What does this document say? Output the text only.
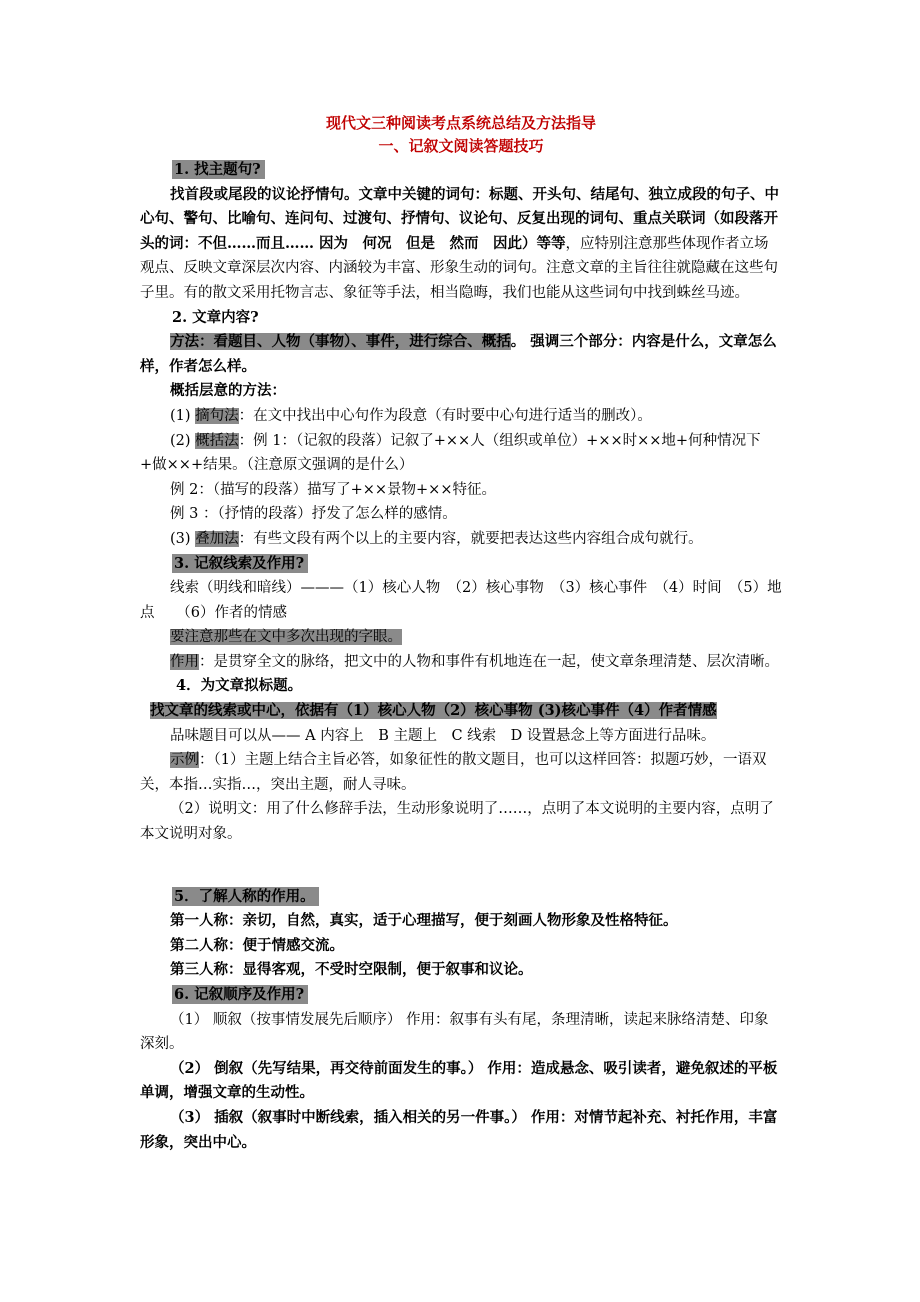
现代文三种阅读考点系统总结及方法指导
一、记叙文阅读答题技巧

1. 找主题句?

找首段或尾段的议论抒情句。文章中关键的词句：标题、开头句、结尾句、独立成段的句子、中心句、警句、比喻句、连问句、过渡句、抒情句、议论句、反复出现的词句、重点关联词（如段落开头的词：不但……而且…… 因为　何况　但是　然而　因此）等等，应特别注意那些体现作者立场观点、反映文章深层次内容、内涵较为丰富、形象生动的词句。注意文章的主旨往往就隐藏在这些句子里。有的散文采用托物言志、象征等手法，相当隐晦，我们也能从这些词句中找到蛛丝马迹。

2. 文章内容?

方法：看题目、人物（事物）、事件，进行综合、概括。 强调三个部分：内容是什么，文章怎么样，作者怎么样。

概括层意的方法：

(1) 摘句法：在文中找出中心句作为段意（有时要中心句进行适当的删改）。

(2) 概括法：例 1：（记叙的段落）记叙了+××人（组织或单位）+××时××地+何种情况下+做××+结果。（注意原文强调的是什么）

例 2：（描写的段落）描写了+××景物+××特征。

例 3 ：（抒情的段落）抒发了怎么样的感情。

(3) 叠加法：有些文段有两个以上的主要内容，就要把表达这些内容组合成句就行。

3. 记叙线索及作用?

线索（明线和暗线）———（1）核心人物　（2）核心事物　（3）核心事件　（4）时间　（5）地点　　（6）作者的情感

要注意那些在文中多次出现的字眼。

作用：是贯穿全文的脉络，把文中的人物和事件有机地连在一起，使文章条理清楚、层次清晰。

4．为文章拟标题。

找文章的线索或中心，依据有（1）核心人物（2）核心事物 (3)核心事件（4）作者情感

品味题目可以从—— A 内容上　B 主题上　C 线索　D 设置悬念上等方面进行品味。

示例：（1）主题上结合主旨必答，如象征性的散文题目，也可以这样回答：拟题巧妙，一语双关，本指…实指…，突出主题，耐人寻味。

（2）说明文：用了什么修辞手法，生动形象说明了……，点明了本文说明的主要内容，点明了本文说明对象。

5．了解人称的作用。

第一人称：亲切，自然，真实，适于心理描写，便于刻画人物形象及性格特征。

第二人称：便于情感交流。

第三人称：显得客观，不受时空限制，便于叙事和议论。

6. 记叙顺序及作用?

（1） 顺叙（按事情发展先后顺序） 作用：叙事有头有尾，条理清晰，读起来脉络清楚、印象深刻。

（2） 倒叙（先写结果，再交待前面发生的事。） 作用：造成悬念、吸引读者，避免叙述的平板单调，增强文章的生动性。

（3） 插叙（叙事时中断线索，插入相关的另一件事。） 作用：对情节起补充、衬托作用，丰富形象，突出中心。
